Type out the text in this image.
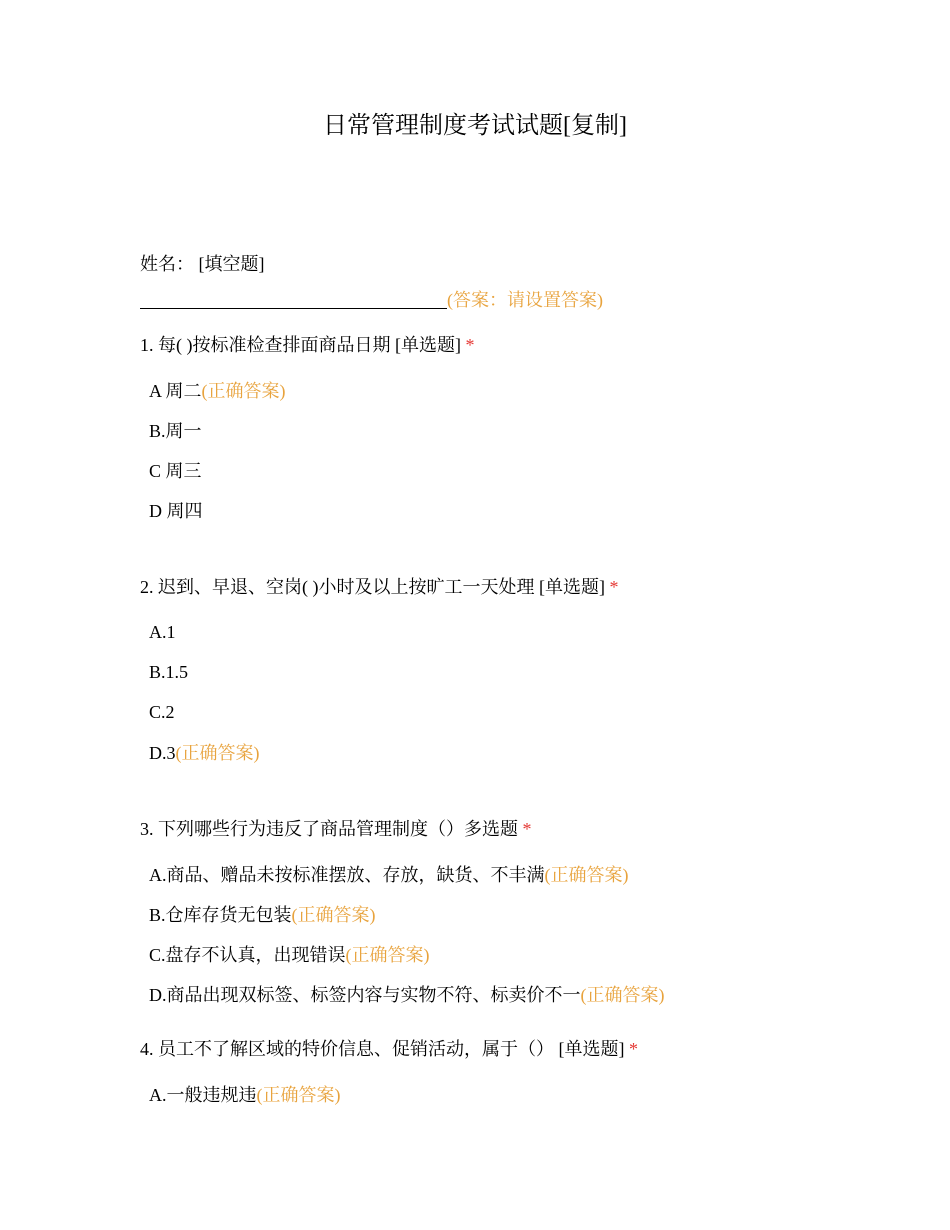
日常管理制度考试试题[复制]
姓名： [填空题]
(答案：请设置答案)
1. 每( )按标准检查排面商品日期 [单选题] *
A 周二(正确答案)
B.周一
C 周三
D 周四
2. 迟到、早退、空岗( )小时及以上按旷工一天处理 [单选题] *
A.1
B.1.5
C.2
D.3(正确答案)
3. 下列哪些行为违反了商品管理制度（）多选题 *
A.商品、赠品未按标准摆放、存放，缺货、不丰满(正确答案)
B.仓库存货无包装(正确答案)
C.盘存不认真，出现错误(正确答案)
D.商品出现双标签、标签内容与实物不符、标卖价不一(正确答案)
4. 员工不了解区域的特价信息、促销活动，属于（） [单选题] *
A.一般违规违(正确答案)
